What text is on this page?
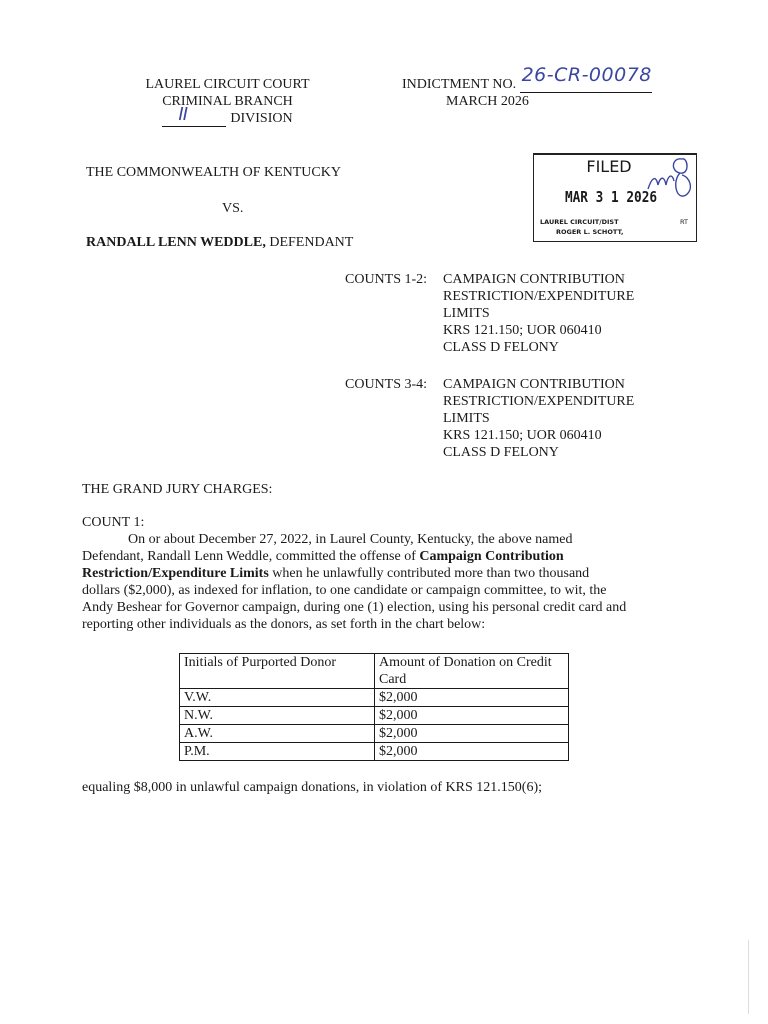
LAUREL CIRCUIT COURT
CRIMINAL BRANCH
II	DIVISION
INDICTMENT NO. 26-CR-00078
MARCH 2026
FILED
MAR 3 1 2026
LAUREL CIRCUIT/DIST	RT
ROGER L. SCHOTT,
THE COMMONWEALTH OF KENTUCKY
VS.
RANDALL LENN WEDDLE, DEFENDANT
COUNTS 1-2: CAMPAIGN CONTRIBUTION
RESTRICTION/EXPENDITURE
LIMITS
KRS 121.150; UOR 060410
CLASS D FELONY
COUNTS 3-4: CAMPAIGN CONTRIBUTION
RESTRICTION/EXPENDITURE
LIMITS
KRS 121.150; UOR 060410
CLASS D FELONY
THE GRAND JURY CHARGES:
COUNT 1:
On or about December 27, 2022, in Laurel County, Kentucky, the above named
Defendant, Randall Lenn Weddle, committed the offense of Campaign Contribution
Restriction/Expenditure Limits when he unlawfully contributed more than two thousand
dollars ($2,000), as indexed for inflation, to one candidate or campaign committee, to wit, the
Andy Beshear for Governor campaign, during one (1) election, using his personal credit card and
reporting other individuals as the donors, as set forth in the chart below:
Initials of Purported Donor	Amount of Donation on Credit Card
V.W.	$2,000
N.W.	$2,000
A.W.	$2,000
P.M.	$2,000
equaling $8,000 in unlawful campaign donations, in violation of KRS 121.150(6);
